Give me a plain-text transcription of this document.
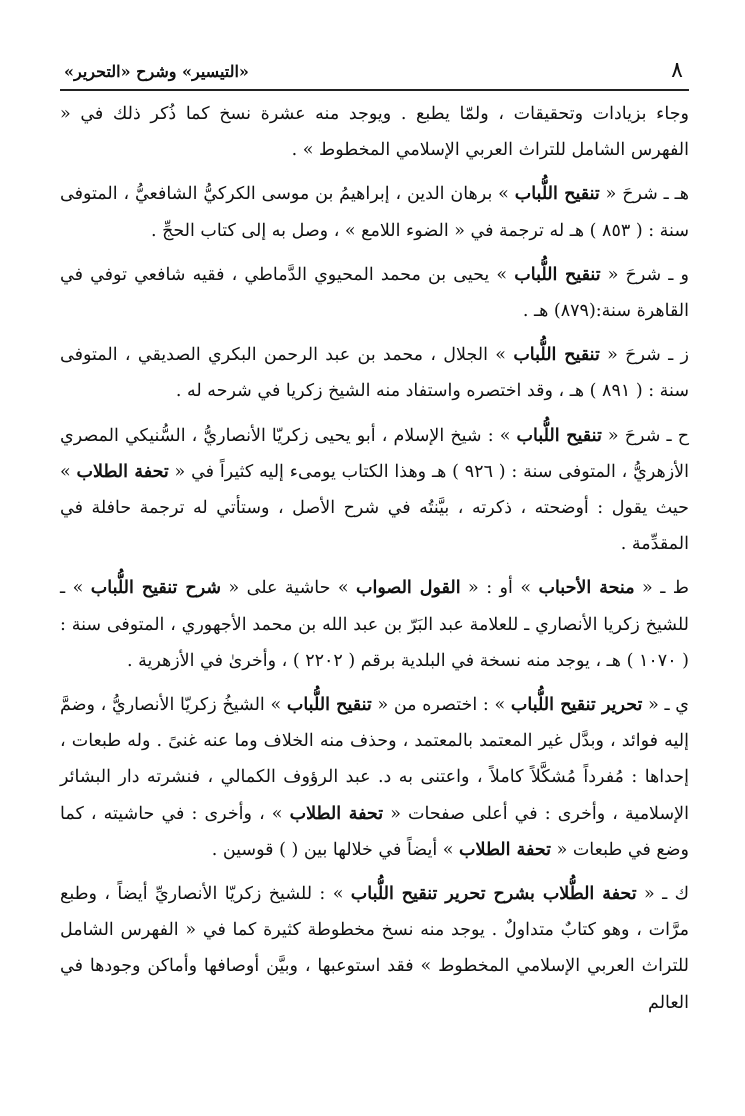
٨
«التيسير» وشرح «التحرير»

وجاء بزيادات وتحقيقات ، ولمّا يطبع . ويوجد منه عشرة نسخ كما ذُكر ذلك في « الفهرس الشامل للتراث العربي الإسلامي المخطوط » .

هـ ـ شرحَ « تنقيح اللُّباب » برهان الدين ، إبراهيمُ بن موسى الكركيُّ الشافعيُّ ، المتوفى سنة : ( ٨٥٣ ) هـ له ترجمة في « الضوء اللامع » ، وصل به إلى كتاب الحجِّ .

و ـ شرحَ « تنقيح اللُّباب » يحيى بن محمد المحيوي الدَّماطي ، فقيه شافعي توفي في القاهرة سنة:(٨٧٩) هـ .

ز ـ شرحَ « تنقيح اللُّباب » الجلال ، محمد بن عبد الرحمن البكري الصديقي ، المتوفى سنة : ( ٨٩١ ) هـ ، وقد اختصره واستفاد منه الشيخ زكريا في شرحه له .

ح ـ شرحَ « تنقيح اللُّباب » : شيخ الإسلام ، أبو يحيى زكريّا الأنصاريُّ ، السُّنيكي المصري الأزهريُّ ، المتوفى سنة : ( ٩٢٦ ) هـ وهذا الكتاب يومىء إليه كثيراً في « تحفة الطلاب » حيث يقول : أوضحته ، ذكرته ، بيَّنتُه في شرح الأصل ، وستأتي له ترجمة حافلة في المقدِّمة .

ط ـ « منحة الأحباب » أو : « القول الصواب » حاشية على « شرح تنقيح اللُّباب » ـ للشيخ زكريا الأنصاري ـ للعلامة عبد البَرّ بن عبد الله بن محمد الأجهوري ، المتوفى سنة : ( ١٠٧٠ ) هـ ، يوجد منه نسخة في البلدية برقم ( ٢٢٠٢ ) ، وأخرىٰ في الأزهرية .

ي ـ « تحرير تنقيح اللُّباب » : اختصره من « تنقيح اللُّباب » الشيخُ زكريّا الأنصاريُّ ، وضمَّ إليه فوائد ، وبدَّل غير المعتمد بالمعتمد ، وحذف منه الخلاف وما عنه غنىً . وله طبعات ، إحداها : مُفرداً مُشكَّلاً كاملاً ، واعتنى به د. عبد الرؤوف الكمالي ، فنشرته دار البشائر الإسلامية ، وأخرى : في أعلى صفحات « تحفة الطلاب » ، وأخرى : في حاشيته ، كما وضع في طبعات « تحفة الطلاب » أيضاً في خلالها بين ( ) قوسين .

ك ـ « تحفة الطُّلاب بشرح تحرير تنقيح اللُّباب » : للشيخ زكريّا الأنصاريِّ أيضاً ، وطبع مرَّات ، وهو كتابٌ متداولٌ . يوجد منه نسخ مخطوطة كثيرة كما في « الفهرس الشامل للتراث العربي الإسلامي المخطوط » فقد استوعبها ، وبيَّن أوصافها وأماكن وجودها في العالم
